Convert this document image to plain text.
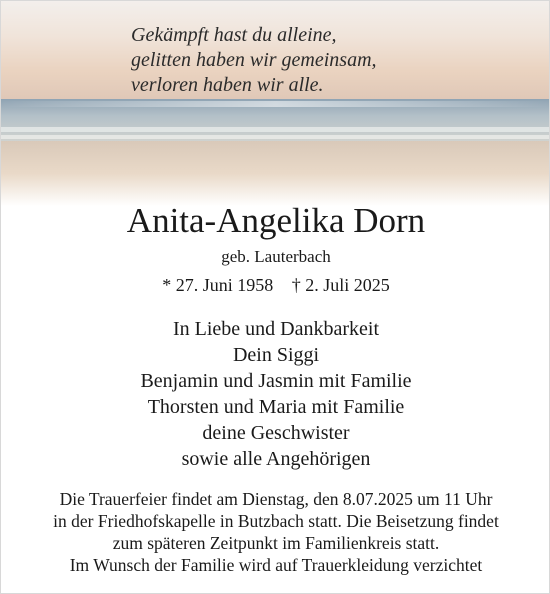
Gekämpft hast du alleine,
gelitten haben wir gemeinsam,
verloren haben wir alle.
Anita-Angelika Dorn
geb. Lauterbach
* 27. Juni 1958 † 2. Juli 2025
In Liebe und Dankbarkeit
Dein Siggi
Benjamin und Jasmin mit Familie
Thorsten und Maria mit Familie
deine Geschwister
sowie alle Angehörigen
Die Trauerfeier findet am Dienstag, den 8.07.2025 um 11 Uhr
in der Friedhofskapelle in Butzbach statt. Die Beisetzung findet
zum späteren Zeitpunkt im Familienkreis statt.
Im Wunsch der Familie wird auf Trauerkleidung verzichtet
